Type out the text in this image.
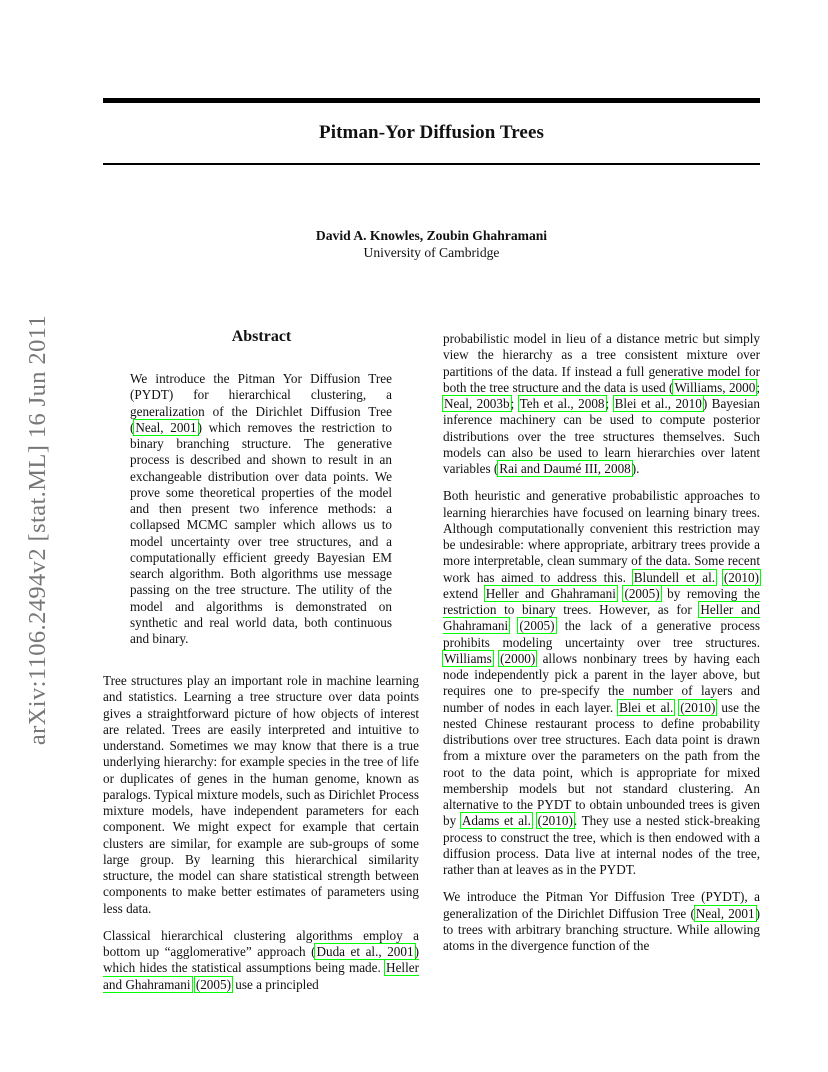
Pitman-Yor Diffusion Trees
David A. Knowles, Zoubin Ghahramani
University of Cambridge
arXiv:1106.2494v2 [stat.ML] 16 Jun 2011	Abstract

We introduce the Pitman Yor Diffusion Tree (PYDT) for hierarchical clustering, a generalization of the Dirichlet Diffusion Tree (Neal, 2001) which removes the restriction to binary branching structure. The generative process is described and shown to result in an exchangeable distribution over data points. We prove some theoretical properties of the model and then present two inference methods: a collapsed MCMC sampler which allows us to model uncertainty over tree structures, and a computationally efficient greedy Bayesian EM search algorithm. Both algorithms use message passing on the tree structure. The utility of the model and algorithms is demonstrated on synthetic and real world data, both continuous and binary.

Tree structures play an important role in machine learning and statistics. Learning a tree structure over data points gives a straightforward picture of how objects of interest are related. Trees are easily interpreted and intuitive to understand. Sometimes we may know that there is a true underlying hierarchy: for example species in the tree of life or duplicates of genes in the human genome, known as paralogs. Typical mixture models, such as Dirichlet Process mixture models, have independent parameters for each component. We might expect for example that certain clusters are similar, for example are sub-groups of some large group. By learning this hierarchical similarity structure, the model can share statistical strength between components to make better estimates of parameters using less data.

Classical hierarchical clustering algorithms employ a bottom up “agglomerative” approach (Duda et al., 2001) which hides the statistical assumptions being made. Heller and Ghahramani (2005) use a principled

probabilistic model in lieu of a distance metric but simply view the hierarchy as a tree consistent mixture over partitions of the data. If instead a full generative model for both the tree structure and the data is used (Williams, 2000; Neal, 2003b; Teh et al., 2008; Blei et al., 2010) Bayesian inference machinery can be used to compute posterior distributions over the tree structures themselves. Such models can also be used to learn hierarchies over latent variables (Rai and Daumé III, 2008).

Both heuristic and generative probabilistic approaches to learning hierarchies have focused on learning binary trees. Although computationally convenient this restriction may be undesirable: where appropriate, arbitrary trees provide a more interpretable, clean summary of the data. Some recent work has aimed to address this. Blundell et al. (2010) extend Heller and Ghahramani (2005) by removing the restriction to binary trees. However, as for Heller and Ghahramani (2005) the lack of a generative process prohibits modeling uncertainty over tree structures. Williams (2000) allows nonbinary trees by having each node independently pick a parent in the layer above, but requires one to pre-specify the number of layers and number of nodes in each layer. Blei et al. (2010) use the nested Chinese restaurant process to define probability distributions over tree structures. Each data point is drawn from a mixture over the parameters on the path from the root to the data point, which is appropriate for mixed membership models but not standard clustering. An alternative to the PYDT to obtain unbounded trees is given by Adams et al. (2010). They use a nested stick-breaking process to construct the tree, which is then endowed with a diffusion process. Data live at internal nodes of the tree, rather than at leaves as in the PYDT.

We introduce the Pitman Yor Diffusion Tree (PYDT), a generalization of the Dirichlet Diffusion Tree (Neal, 2001) to trees with arbitrary branching structure. While allowing atoms in the divergence function of the
